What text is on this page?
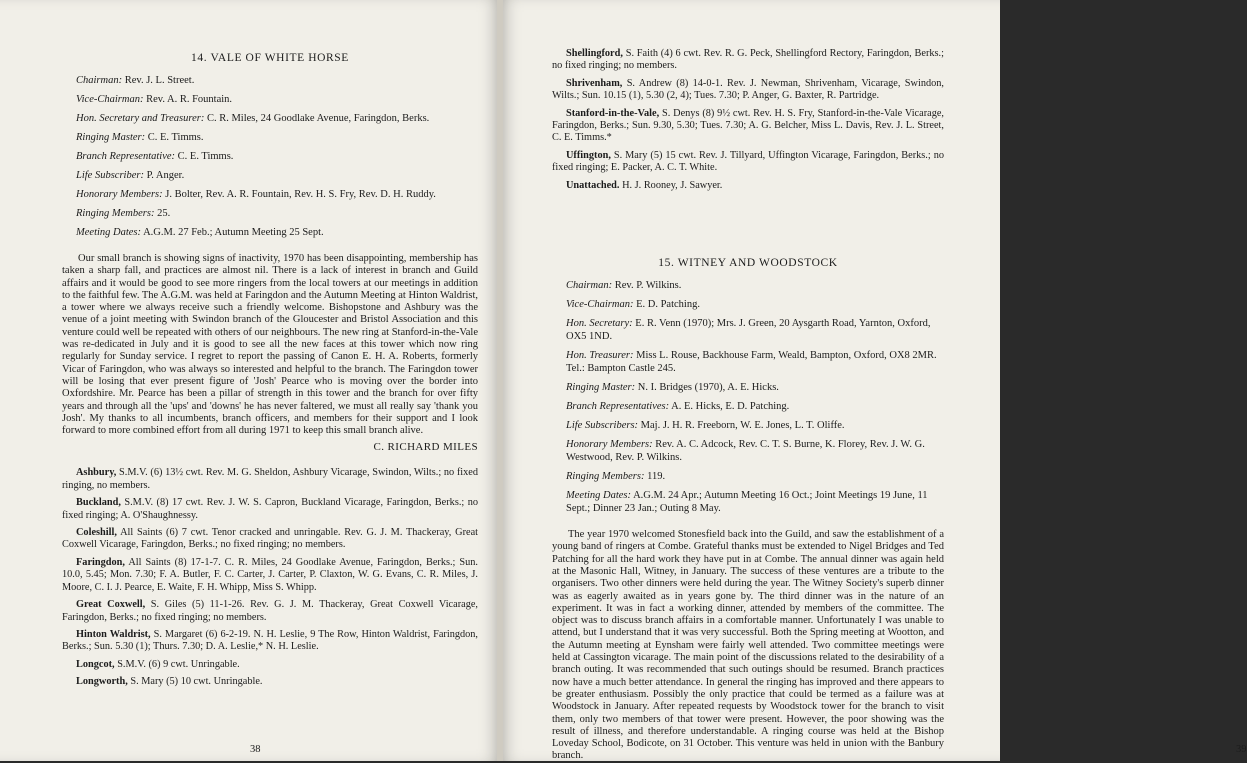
14. VALE OF WHITE HORSE

Chairman: Rev. J. L. Street.

Vice-Chairman: Rev. A. R. Fountain.

Hon. Secretary and Treasurer: C. R. Miles, 24 Goodlake Avenue, Faringdon, Berks.

Ringing Master: C. E. Timms.

Branch Representative: C. E. Timms.

Life Subscriber: P. Anger.

Honorary Members: J. Bolter, Rev. A. R. Fountain, Rev. H. S. Fry, Rev. D. H. Ruddy.

Ringing Members: 25.

Meeting Dates: A.G.M. 27 Feb.; Autumn Meeting 25 Sept.

Our small branch is showing signs of inactivity, 1970 has been disappointing, membership has taken a sharp fall, and practices are almost nil. There is a lack of interest in branch and Guild affairs and it would be good to see more ringers from the local towers at our meetings in addition to the faithful few. The A.G.M. was held at Faringdon and the Autumn Meeting at Hinton Waldrist, a tower where we always receive such a friendly welcome. Bishopstone and Ashbury was the venue of a joint meeting with Swindon branch of the Gloucester and Bristol Association and this venture could well be repeated with others of our neighbours. The new ring at Stanford-in-the-Vale was re-dedicated in July and it is good to see all the new faces at this tower which now ring regularly for Sunday service. I regret to report the passing of Canon E. H. A. Roberts, formerly Vicar of Faringdon, who was always so interested and helpful to the branch. The Faringdon tower will be losing that ever present figure of 'Josh' Pearce who is moving over the border into Oxfordshire. Mr. Pearce has been a pillar of strength in this tower and the branch for over fifty years and through all the 'ups' and 'downs' he has never faltered, we must all really say 'thank you Josh'. My thanks to all incumbents, branch officers, and members for their support and I look forward to more combined effort from all during 1971 to keep this small branch alive.

C. RICHARD MILES

Ashbury, S.M.V. (6) 13½ cwt. Rev. M. G. Sheldon, Ashbury Vicarage, Swindon, Wilts.; no fixed ringing, no members.

Buckland, S.M.V. (8) 17 cwt. Rev. J. W. S. Capron, Buckland Vicarage, Faringdon, Berks.; no fixed ringing; A. O'Shaughnessy.

Coleshill, All Saints (6) 7 cwt. Tenor cracked and unringable. Rev. G. J. M. Thackeray, Great Coxwell Vicarage, Faringdon, Berks.; no fixed ringing; no members.

Faringdon, All Saints (8) 17-1-7. C. R. Miles, 24 Goodlake Avenue, Faringdon, Berks.; Sun. 10.0, 5.45; Mon. 7.30; F. A. Butler, F. C. Carter, J. Carter, P. Claxton, W. G. Evans, C. R. Miles, J. Moore, C. I. J. Pearce, E. Waite, F. H. Whipp, Miss S. Whipp.

Great Coxwell, S. Giles (5) 11-1-26. Rev. G. J. M. Thackeray, Great Coxwell Vicarage, Faringdon, Berks.; no fixed ringing; no members.

Hinton Waldrist, S. Margaret (6) 6-2-19. N. H. Leslie, 9 The Row, Hinton Waldrist, Faringdon, Berks.; Sun. 5.30 (1); Thurs. 7.30; D. A. Leslie,* N. H. Leslie.

Longcot, S.M.V. (6) 9 cwt. Unringable.

Longworth, S. Mary (5) 10 cwt. Unringable.

38

Shellingford, S. Faith (4) 6 cwt. Rev. R. G. Peck, Shellingford Rectory, Faringdon, Berks.; no fixed ringing; no members.

Shrivenham, S. Andrew (8) 14-0-1. Rev. J. Newman, Shrivenham, Vicarage, Swindon, Wilts.; Sun. 10.15 (1), 5.30 (2, 4); Tues. 7.30; P. Anger, G. Baxter, R. Partridge.

Stanford-in-the-Vale, S. Denys (8) 9½ cwt. Rev. H. S. Fry, Stanford-in-the-Vale Vicarage, Faringdon, Berks.; Sun. 9.30, 5.30; Tues. 7.30; A. G. Belcher, Miss L. Davis, Rev. J. L. Street, C. E. Timms.*

Uffington, S. Mary (5) 15 cwt. Rev. J. Tillyard, Uffington Vicarage, Faringdon, Berks.; no fixed ringing; E. Packer, A. C. T. White.

Unattached. H. J. Rooney, J. Sawyer.

15. WITNEY AND WOODSTOCK

Chairman: Rev. P. Wilkins.

Vice-Chairman: E. D. Patching.

Hon. Secretary: E. R. Venn (1970); Mrs. J. Green, 20 Aysgarth Road, Yarnton, Oxford, OX5 1ND.

Hon. Treasurer: Miss L. Rouse, Backhouse Farm, Weald, Bampton, Oxford, OX8 2MR. Tel.: Bampton Castle 245.

Ringing Master: N. I. Bridges (1970), A. E. Hicks.

Branch Representatives: A. E. Hicks, E. D. Patching.

Life Subscribers: Maj. J. H. R. Freeborn, W. E. Jones, L. T. Oliffe.

Honorary Members: Rev. A. C. Adcock, Rev. C. T. S. Burne, K. Florey, Rev. J. W. G. Westwood, Rev. P. Wilkins.

Ringing Members: 119.

Meeting Dates: A.G.M. 24 Apr.; Autumn Meeting 16 Oct.; Joint Meetings 19 June, 11 Sept.; Dinner 23 Jan.; Outing 8 May.

The year 1970 welcomed Stonesfield back into the Guild, and saw the establishment of a young band of ringers at Combe. Grateful thanks must be extended to Nigel Bridges and Ted Patching for all the hard work they have put in at Combe. The annual dinner was again held at the Masonic Hall, Witney, in January. The success of these ventures are a tribute to the organisers. Two other dinners were held during the year. The Witney Society's superb dinner was as eagerly awaited as in years gone by. The third dinner was in the nature of an experiment. It was in fact a working dinner, attended by members of the committee. The object was to discuss branch affairs in a comfortable manner. Unfortunately I was unable to attend, but I understand that it was very successful. Both the Spring meeting at Wootton, and the Autumn meeting at Eynsham were fairly well attended. Two committee meetings were held at Cassington vicarage. The main point of the discussions related to the desirability of a branch outing. It was recommended that such outings should be resumed. Branch practices now have a much better attendance. In general the ringing has improved and there appears to be greater enthusiasm. Possibly the only practice that could be termed as a failure was at Woodstock in January. After repeated requests by Woodstock tower for the branch to visit them, only two members of that tower were present. However, the poor showing was the result of illness, and therefore understandable. A ringing course was held at the Bishop Loveday School, Bodicote, on 31 October. This venture was held in union with the Banbury branch.

39
